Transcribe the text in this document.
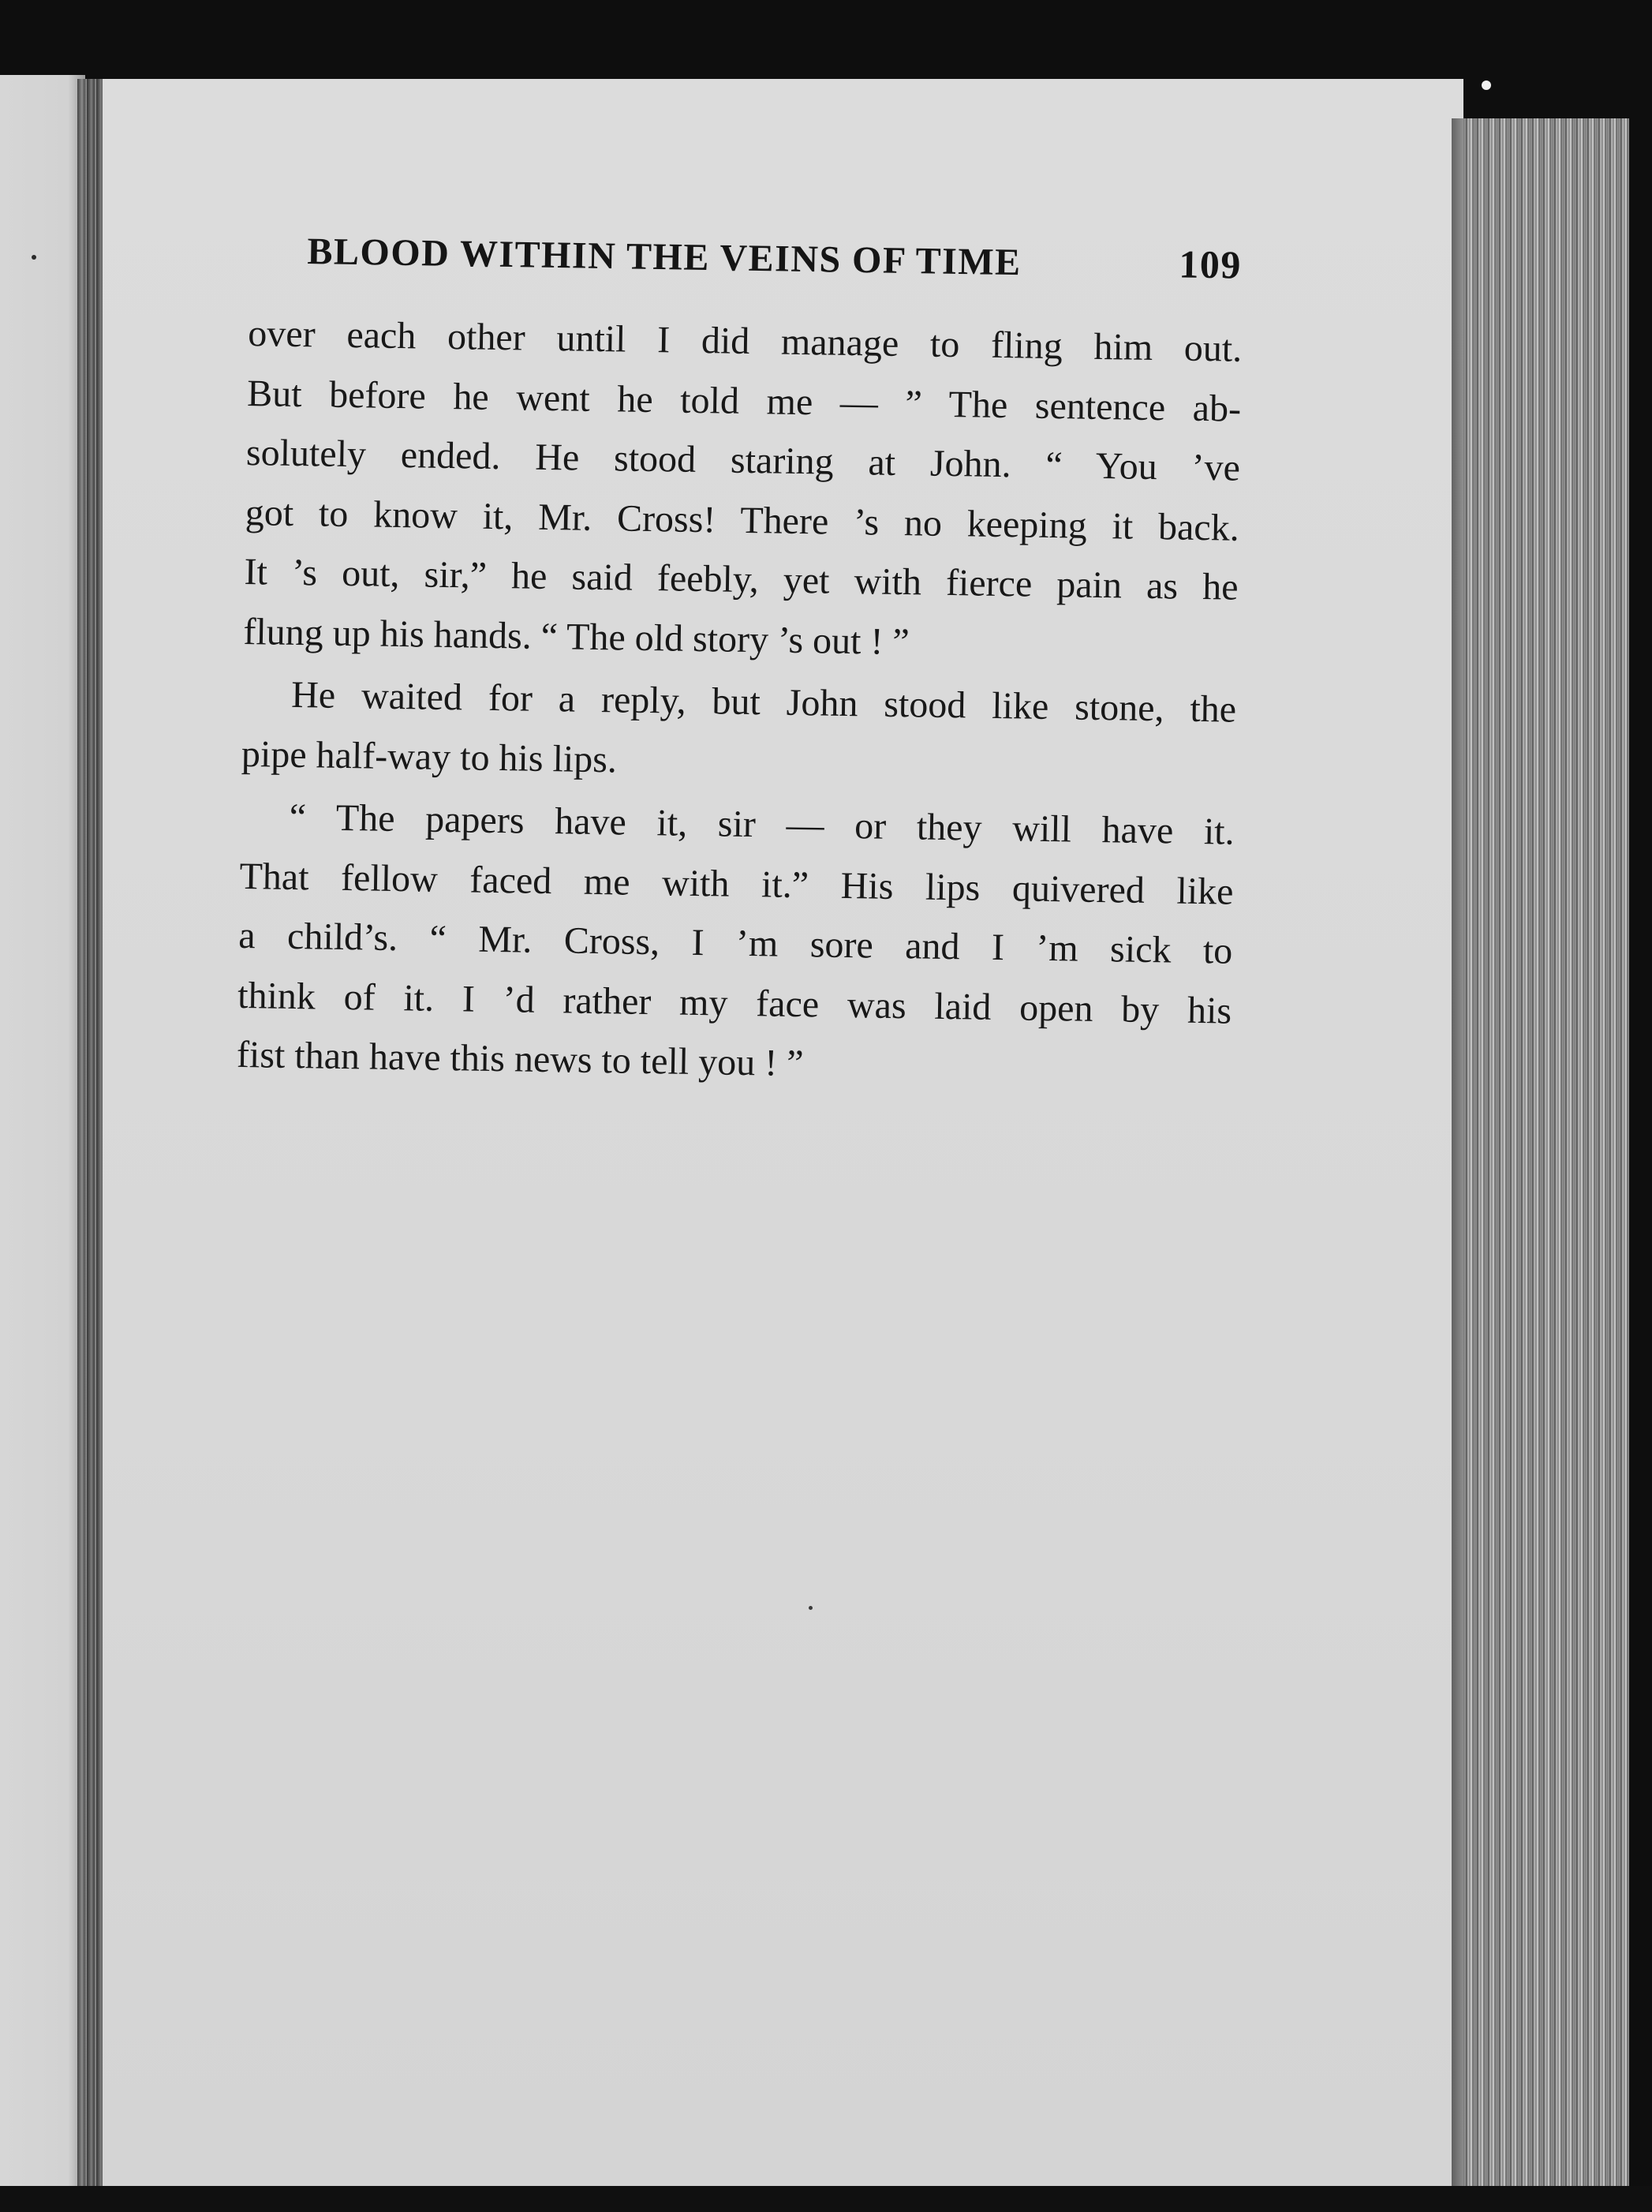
BLOOD WITHIN THE VEINS OF TIME	109
over each other until I did manage to fling him out.
But before he went he told me — ” The sentence ab-
solutely ended. He stood staring at John. “ You ’ve
got to know it, Mr. Cross! There ’s no keeping it back.
It ’s out, sir,” he said feebly, yet with fierce pain as he
flung up his hands. “ The old story ’s out ! ”
He waited for a reply, but John stood like stone, the
pipe half-way to his lips.
“ The papers have it, sir — or they will have it.
That fellow faced me with it.” His lips quivered like
a child’s. “ Mr. Cross, I ’m sore and I ’m sick to
think of it. I ’d rather my face was laid open by his
fist than have this news to tell you ! ”
